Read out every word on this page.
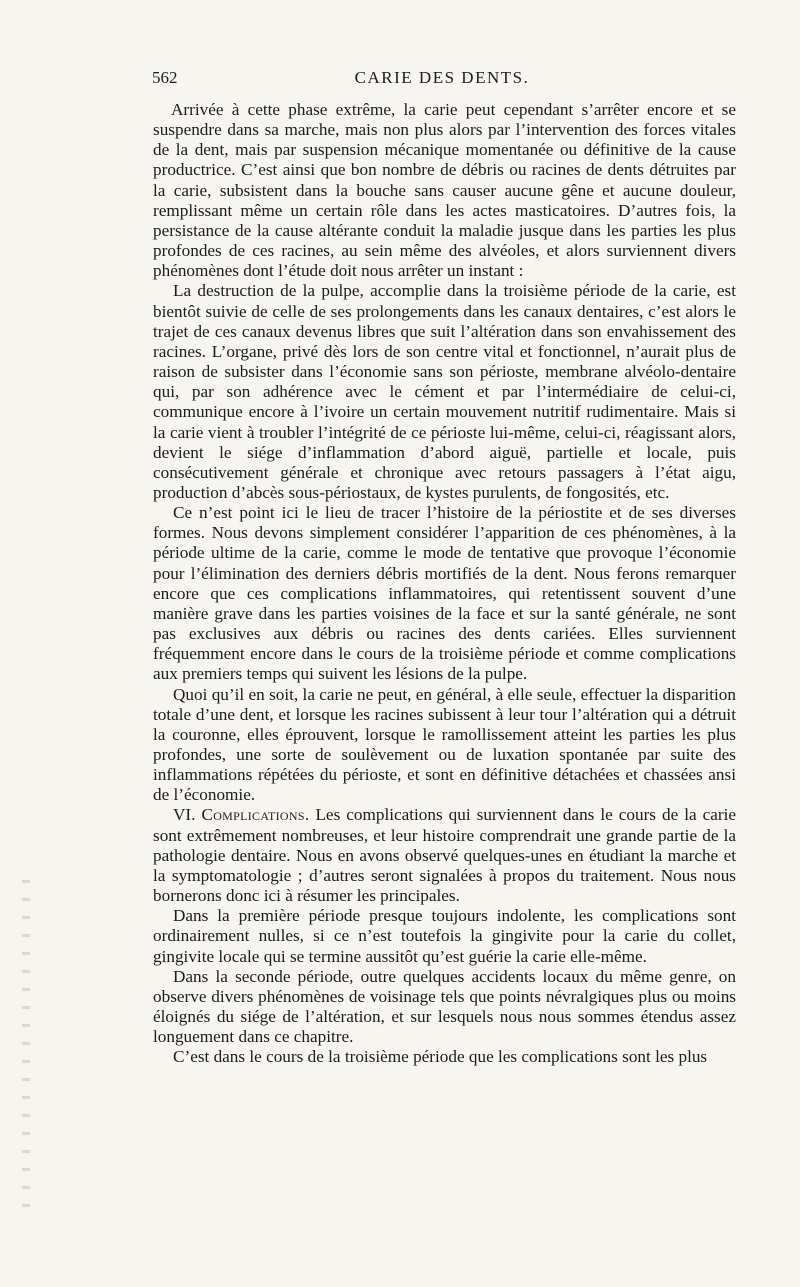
562	CARIE DES DENTS.

Arrivée à cette phase extrême, la carie peut cependant s’arrêter encore et se suspendre dans sa marche, mais non plus alors par l’intervention des forces vitales de la dent, mais par suspension mécanique momentanée ou définitive de la cause productrice. C’est ainsi que bon nombre de débris ou racines de dents détruites par la carie, subsistent dans la bouche sans causer aucune gêne et aucune douleur, remplissant même un certain rôle dans les actes masticatoires. D’autres fois, la persistance de la cause altérante conduit la maladie jusque dans les parties les plus profondes de ces racines, au sein même des alvéoles, et alors surviennent divers phénomènes dont l’étude doit nous arrêter un instant :

La destruction de la pulpe, accomplie dans la troisième période de la carie, est bientôt suivie de celle de ses prolongements dans les canaux dentaires, c’est alors le trajet de ces canaux devenus libres que suit l’altération dans son envahissement des racines. L’organe, privé dès lors de son centre vital et fonctionnel, n’aurait plus de raison de subsister dans l’économie sans son périoste, membrane alvéolo-dentaire qui, par son adhérence avec le cément et par l’intermédiaire de celui-ci, communique encore à l’ivoire un certain mouvement nutritif rudimentaire. Mais si la carie vient à troubler l’intégrité de ce périoste lui-même, celui-ci, réagissant alors, devient le siége d’inflammation d’abord aiguë, partielle et locale, puis consécutivement générale et chronique avec retours passagers à l’état aigu, production d’abcès sous-périostaux, de kystes purulents, de fongosités, etc.

Ce n’est point ici le lieu de tracer l’histoire de la périostite et de ses diverses formes. Nous devons simplement considérer l’apparition de ces phénomènes, à la période ultime de la carie, comme le mode de tentative que provoque l’économie pour l’élimination des derniers débris mortifiés de la dent. Nous ferons remarquer encore que ces complications inflammatoires, qui retentissent souvent d’une manière grave dans les parties voisines de la face et sur la santé générale, ne sont pas exclusives aux débris ou racines des dents cariées. Elles surviennent fréquemment encore dans le cours de la troisième période et comme complications aux premiers temps qui suivent les lésions de la pulpe.

Quoi qu’il en soit, la carie ne peut, en général, à elle seule, effectuer la disparition totale d’une dent, et lorsque les racines subissent à leur tour l’altération qui a détruit la couronne, elles éprouvent, lorsque le ramollissement atteint les parties les plus profondes, une sorte de soulèvement ou de luxation spontanée par suite des inflammations répétées du périoste, et sont en définitive détachées et chassées ansi de l’économie.

VI. Complications. Les complications qui surviennent dans le cours de la carie sont extrêmement nombreuses, et leur histoire comprendrait une grande partie de la pathologie dentaire. Nous en avons observé quelques-unes en étudiant la marche et la symptomatologie ; d’autres seront signalées à propos du traitement. Nous nous bornerons donc ici à résumer les principales.

Dans la première période presque toujours indolente, les complications sont ordinairement nulles, si ce n’est toutefois la gingivite pour la carie du collet, gingivite locale qui se termine aussitôt qu’est guérie la carie elle-même.

Dans la seconde période, outre quelques accidents locaux du même genre, on observe divers phénomènes de voisinage tels que points névralgiques plus ou moins éloignés du siége de l’altération, et sur lesquels nous nous sommes étendus assez longuement dans ce chapitre.

C’est dans le cours de la troisième période que les complications sont les plus
